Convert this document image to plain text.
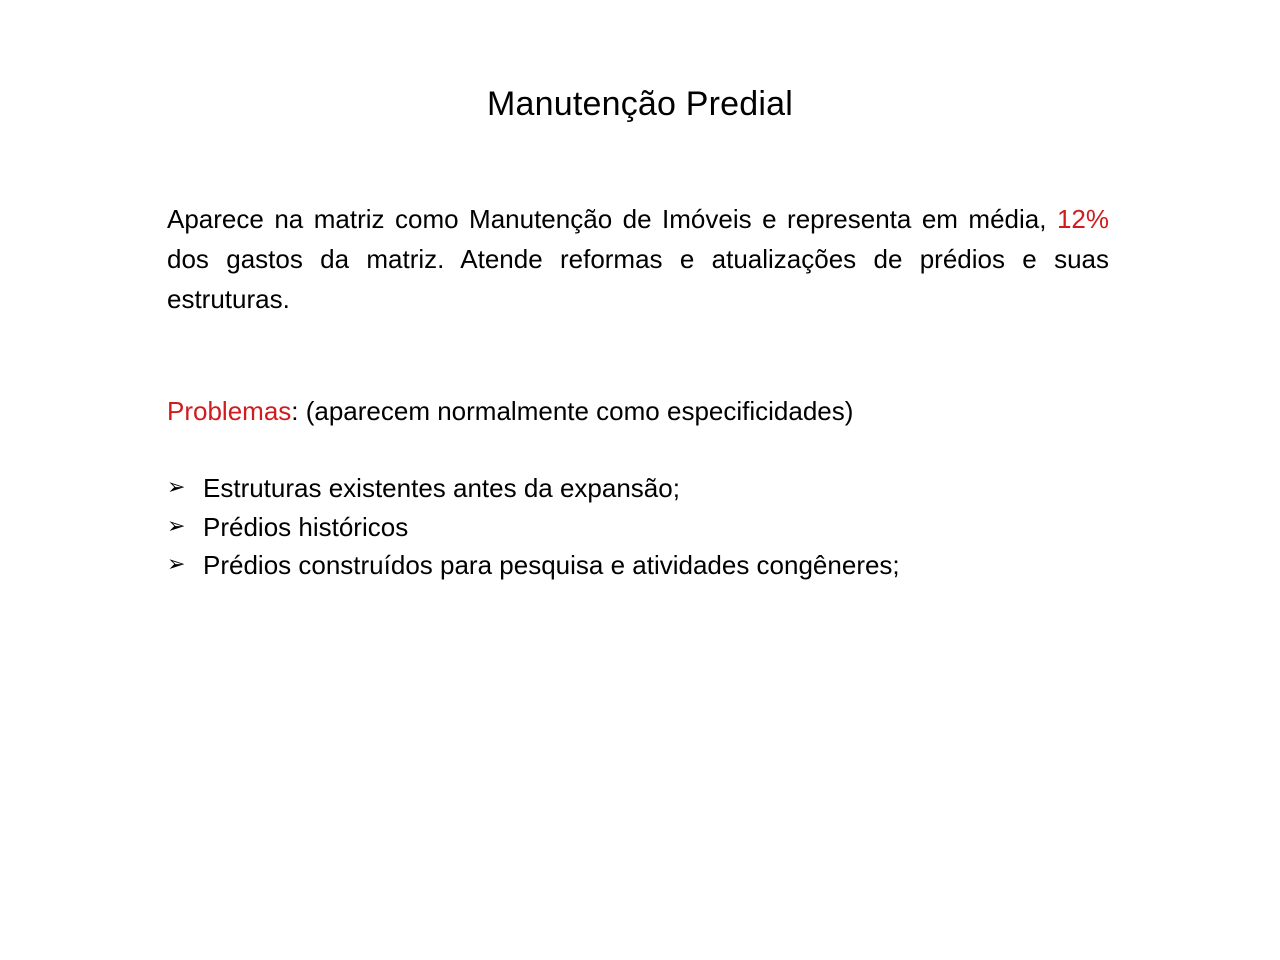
Manutenção Predial

Aparece na matriz como Manutenção de Imóveis e representa em média, 12% dos gastos da matriz. Atende reformas e atualizações de prédios e suas estruturas.

Problemas: (aparecem normalmente como especificidades)
➢ Estruturas existentes antes da expansão;
➢ Prédios históricos
➢ Prédios construídos para pesquisa e atividades congêneres;
